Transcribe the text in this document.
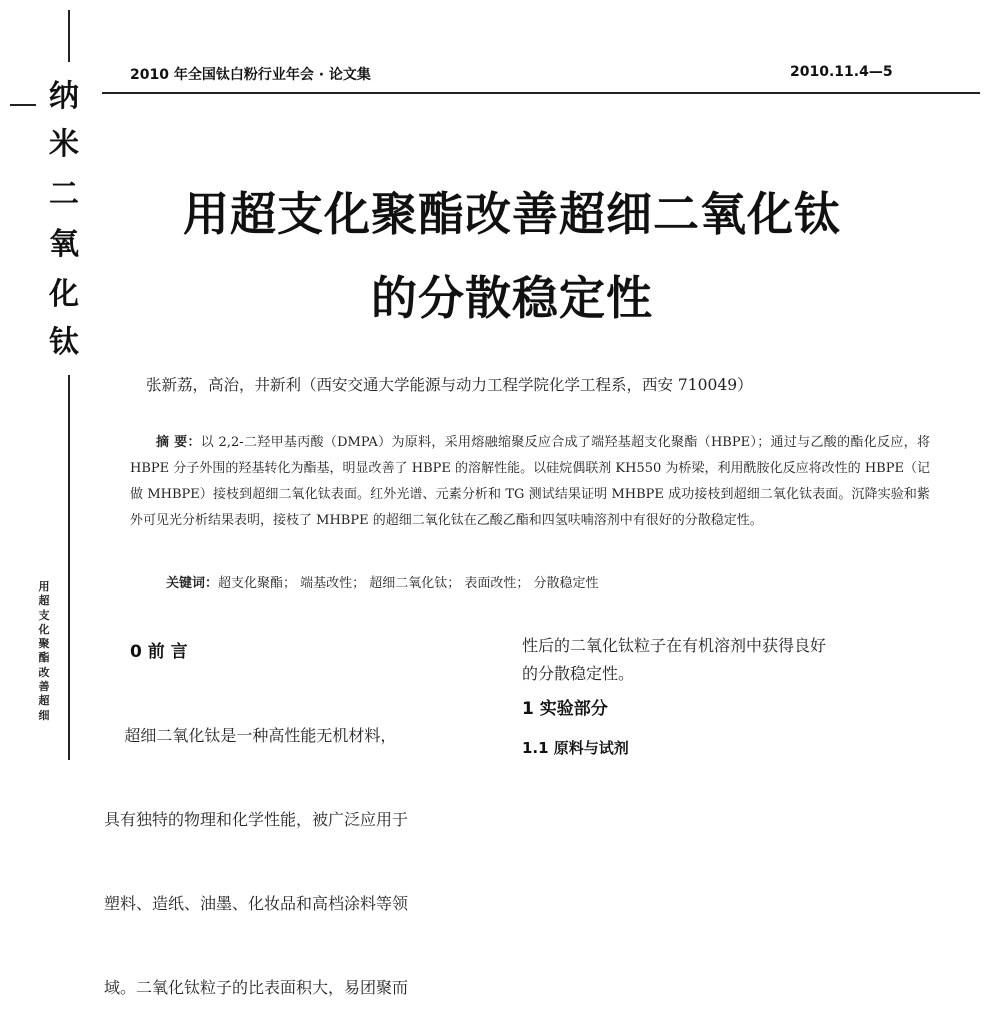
纳
米
二
氧
化
钛
用
超
支
化
聚
酯
改
善
超
细
2010 年全国钛白粉行业年会 · 论文集	2010.11.4—5
用超支化聚酯改善超细二氧化钛
的分散稳定性
张新荔，高治，井新利（西安交通大学能源与动力工程学院化学工程系，西安 710049）
摘 要：以 2,2-二羟甲基丙酸（DMPA）为原料，采用熔融缩聚反应合成了端羟基超支化聚酯（HBPE）；通过与乙酸的酯化反应，将 HBPE 分子外围的羟基转化为酯基，明显改善了 HBPE 的溶解性能。以硅烷偶联剂 KH550 为桥梁，利用酰胺化反应将改性的 HBPE（记做 MHBPE）接枝到超细二氧化钛表面。红外光谱、元素分析和 TG 测试结果证明 MHBPE 成功接枝到超细二氧化钛表面。沉降实验和紫外可见光分析结果表明，接枝了 MHBPE 的超细二氧化钛在乙酸乙酯和四氢呋喃溶剂中有很好的分散稳定性。
关键词：超支化聚酯； 端基改性； 超细二氧化钛； 表面改性； 分散稳定性
0 前 言

超细二氧化钛是一种高性能无机材料，

具有独特的物理和化学性能，被广泛应用于

塑料、造纸、油墨、化妆品和高档涂料等领

域。二氧化钛粒子的比表面积大，易团聚而

性后的二氧化钛粒子在有机溶剂中获得良好
的分散稳定性。
1 实验部分
1.1 原料与试剂
